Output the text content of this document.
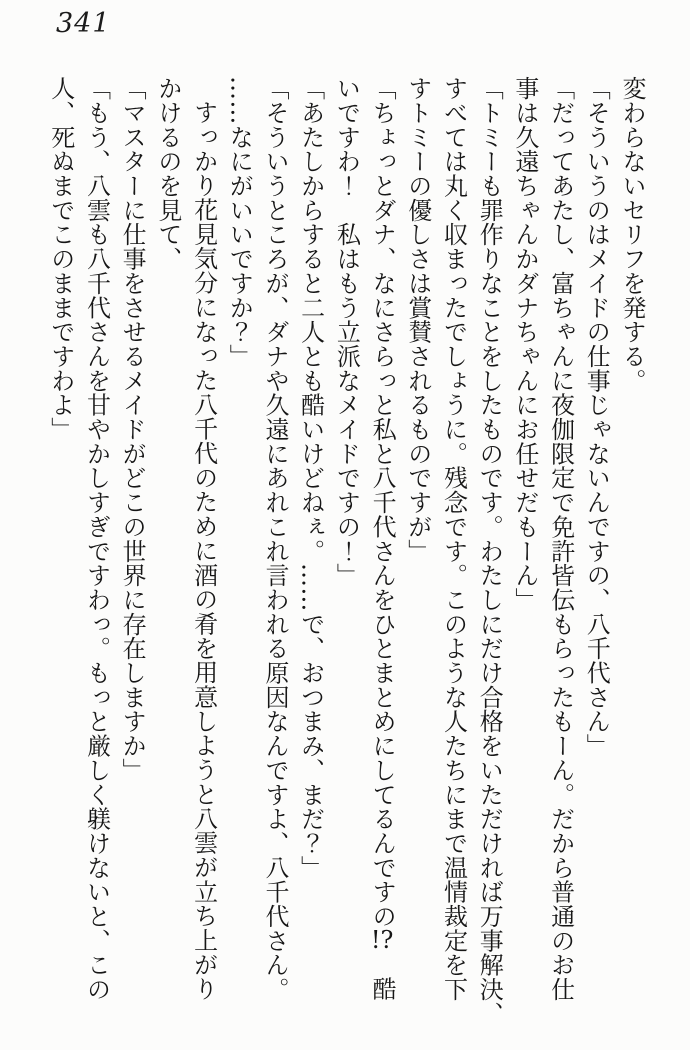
341
変わらないセリフを発する。
「そういうのはメイドの仕事じゃないんですの、八千代さん」
「だってあたし、富ちゃんに夜伽限定で免許皆伝もらったもーん。だから普通のお仕
事は久遠ちゃんかダナちゃんにお任せだもーん」
「トミーも罪作りなことをしたものです。わたしにだけ合格をいただければ万事解決、
すべては丸く収まったでしょうに。残念です。このような人たちにまで温情裁定を下
すトミーの優しさは賞賛されるものですが」
「ちょっとダナ、なにさらっと私と八千代さんをひとまとめにしてるんですの!?　酷
いですわ！　私はもう立派なメイドですの！」
「あたしからすると二人とも酷いけどねぇ。……で、おつまみ、まだ？」
「そういうところが、ダナや久遠にあれこれ言われる原因なんですよ、八千代さん。
……なにがいいですか？」
すっかり花見気分になった八千代のために酒の肴を用意しようと八雲が立ち上がり
かけるのを見て、
「マスターに仕事をさせるメイドがどこの世界に存在しますか」
「もう、八雲も八千代さんを甘やかしすぎですわっ。もっと厳しく躾けないと、この
人、死ぬまでこのままですわよ」
